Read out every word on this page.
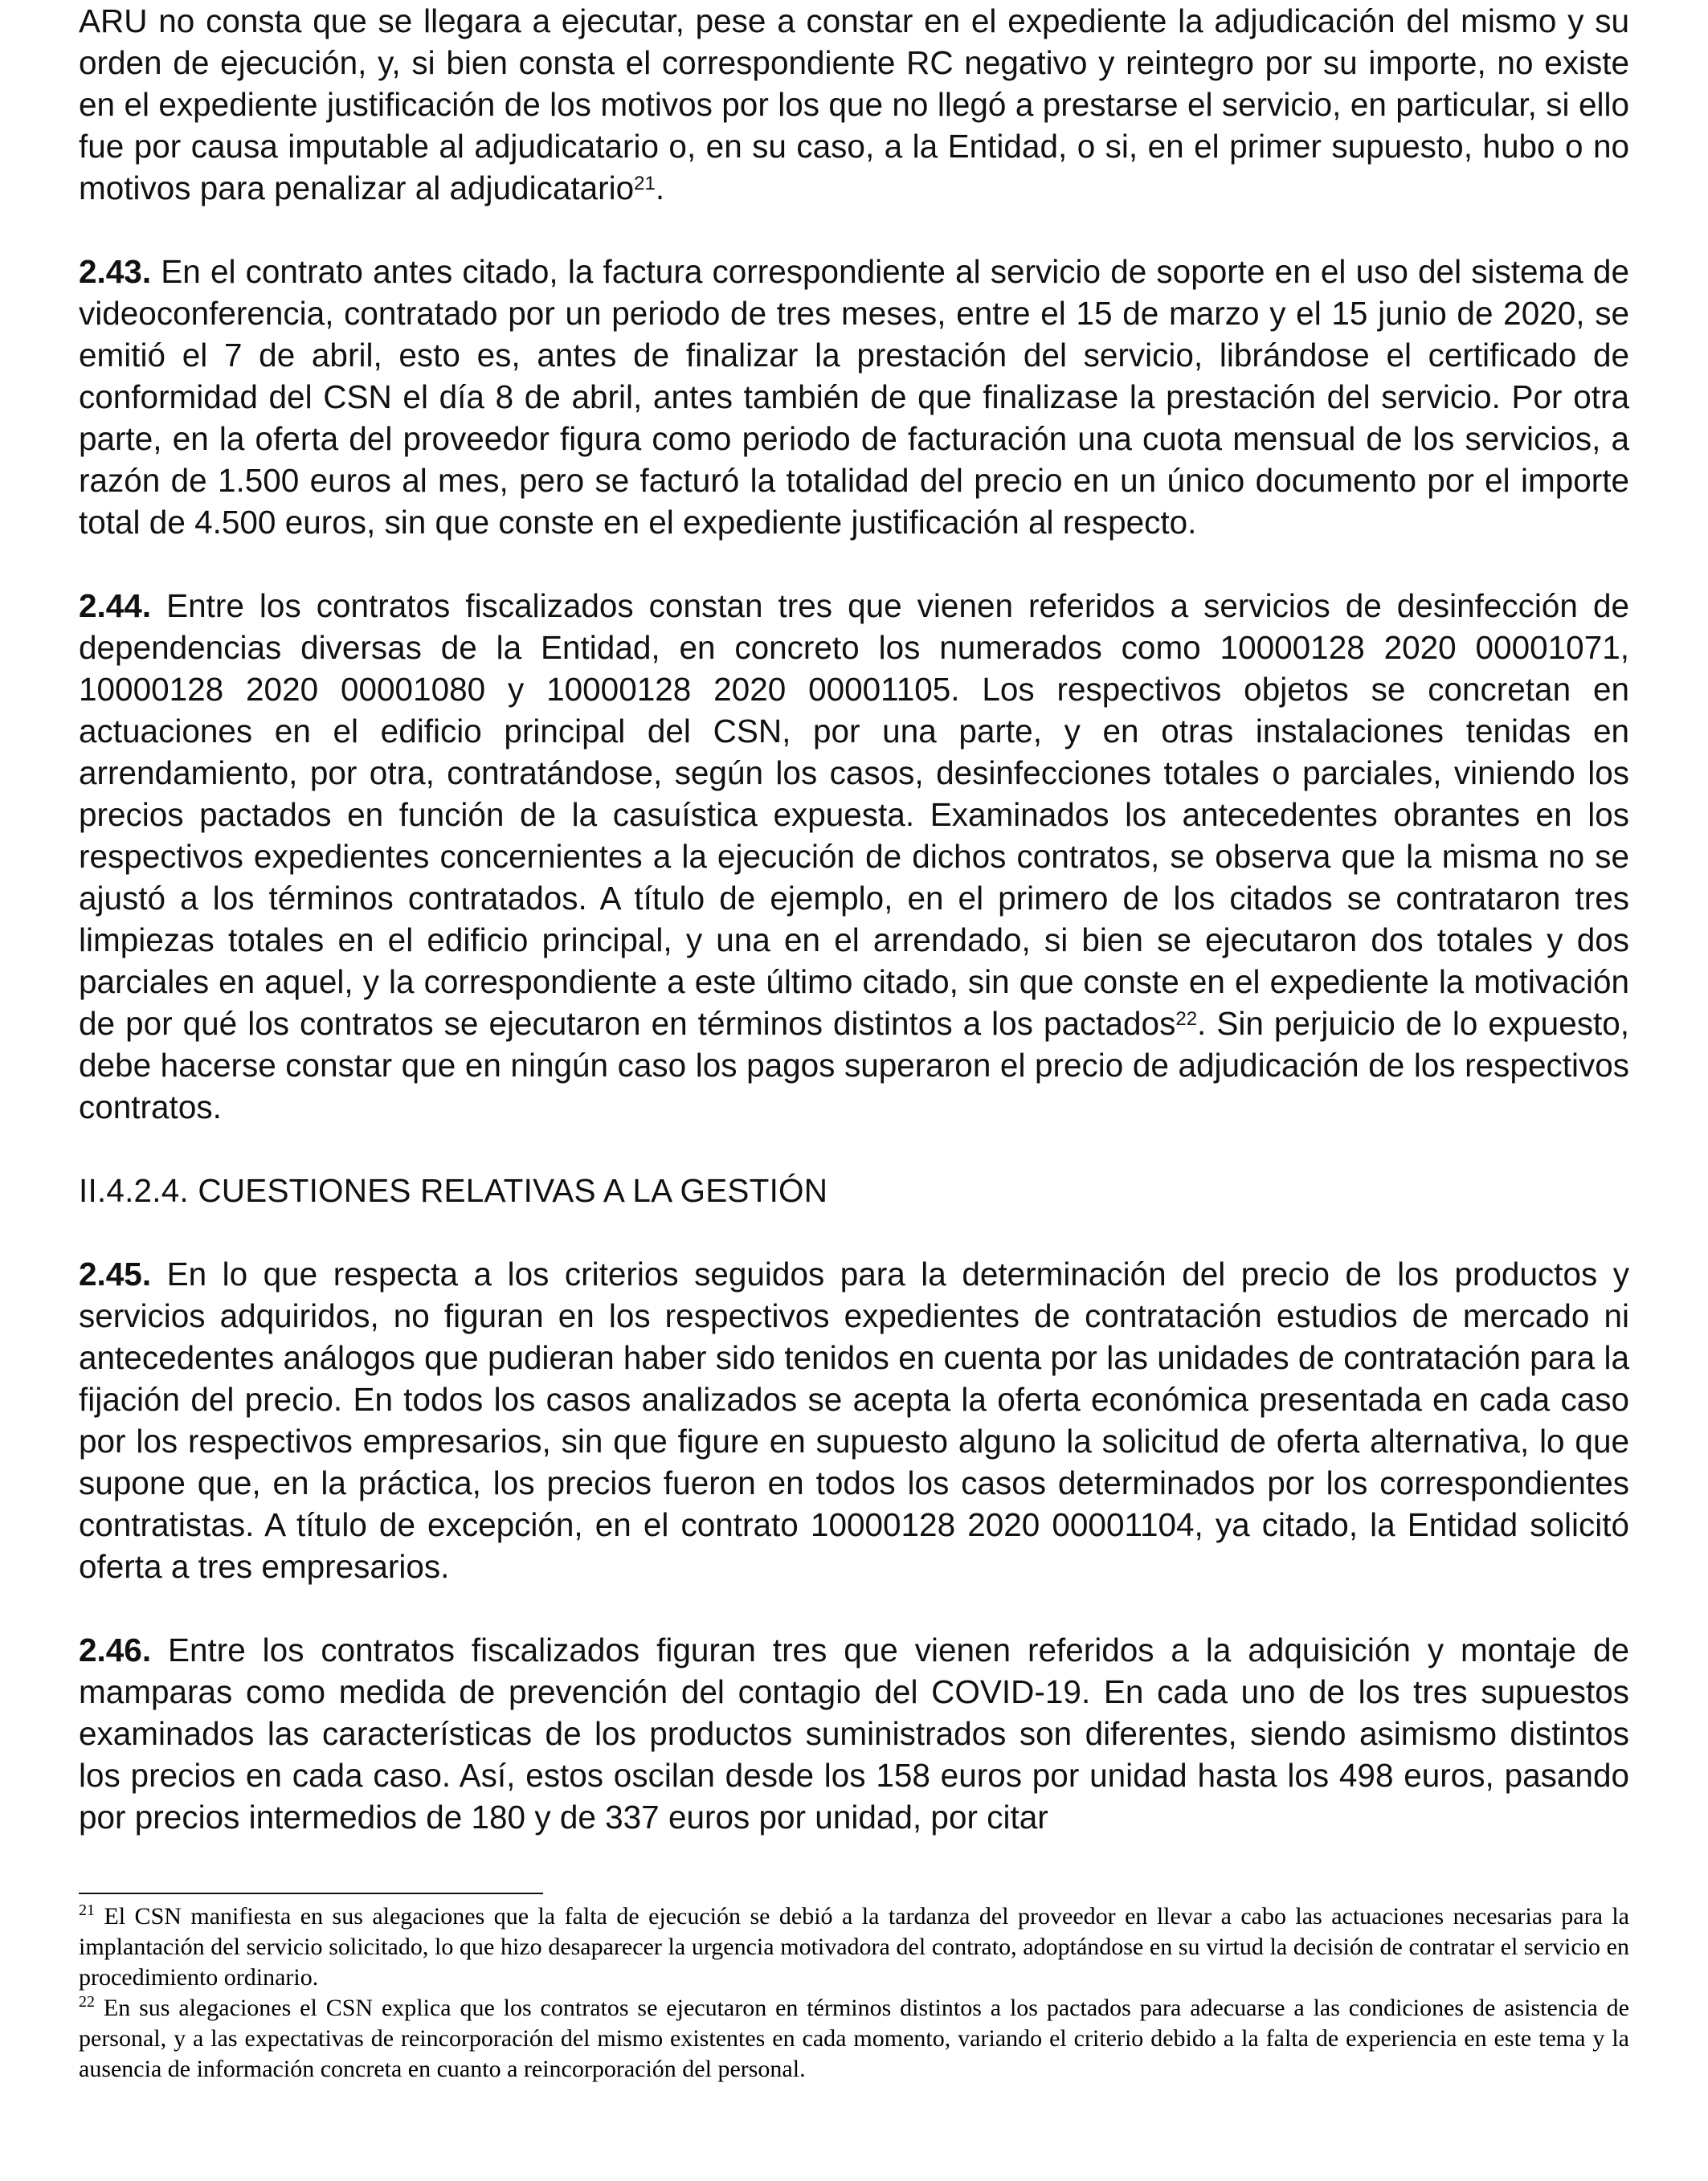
ARU no consta que se llegara a ejecutar, pese a constar en el expediente la adjudicación del mismo y su orden de ejecución, y, si bien consta el correspondiente RC negativo y reintegro por su importe, no existe en el expediente justificación de los motivos por los que no llegó a prestarse el servicio, en particular, si ello fue por causa imputable al adjudicatario o, en su caso, a la Entidad, o si, en el primer supuesto, hubo o no motivos para penalizar al adjudicatario$^{21}$.

2.43. En el contrato antes citado, la factura correspondiente al servicio de soporte en el uso del sistema de videoconferencia, contratado por un periodo de tres meses, entre el 15 de marzo y el 15 junio de 2020, se emitió el 7 de abril, esto es, antes de finalizar la prestación del servicio, librándose el certificado de conformidad del CSN el día 8 de abril, antes también de que finalizase la prestación del servicio. Por otra parte, en la oferta del proveedor figura como periodo de facturación una cuota mensual de los servicios, a razón de 1.500 euros al mes, pero se facturó la totalidad del precio en un único documento por el importe total de 4.500 euros, sin que conste en el expediente justificación al respecto.

2.44. Entre los contratos fiscalizados constan tres que vienen referidos a servicios de desinfección de dependencias diversas de la Entidad, en concreto los numerados como 10000128 2020 00001071, 10000128 2020 00001080 y 10000128 2020 00001105. Los respectivos objetos se concretan en actuaciones en el edificio principal del CSN, por una parte, y en otras instalaciones tenidas en arrendamiento, por otra, contratándose, según los casos, desinfecciones totales o parciales, viniendo los precios pactados en función de la casuística expuesta. Examinados los antecedentes obrantes en los respectivos expedientes concernientes a la ejecución de dichos contratos, se observa que la misma no se ajustó a los términos contratados. A título de ejemplo, en el primero de los citados se contrataron tres limpiezas totales en el edificio principal, y una en el arrendado, si bien se ejecutaron dos totales y dos parciales en aquel, y la correspondiente a este último citado, sin que conste en el expediente la motivación de por qué los contratos se ejecutaron en términos distintos a los pactados$^{22}$. Sin perjuicio de lo expuesto, debe hacerse constar que en ningún caso los pagos superaron el precio de adjudicación de los respectivos contratos.

II.4.2.4. CUESTIONES RELATIVAS A LA GESTIÓN

2.45. En lo que respecta a los criterios seguidos para la determinación del precio de los productos y servicios adquiridos, no figuran en los respectivos expedientes de contratación estudios de mercado ni antecedentes análogos que pudieran haber sido tenidos en cuenta por las unidades de contratación para la fijación del precio. En todos los casos analizados se acepta la oferta económica presentada en cada caso por los respectivos empresarios, sin que figure en supuesto alguno la solicitud de oferta alternativa, lo que supone que, en la práctica, los precios fueron en todos los casos determinados por los correspondientes contratistas. A título de excepción, en el contrato 10000128 2020 00001104, ya citado, la Entidad solicitó oferta a tres empresarios.

2.46. Entre los contratos fiscalizados figuran tres que vienen referidos a la adquisición y montaje de mamparas como medida de prevención del contagio del COVID-19. En cada uno de los tres supuestos examinados las características de los productos suministrados son diferentes, siendo asimismo distintos los precios en cada caso. Así, estos oscilan desde los 158 euros por unidad hasta los 498 euros, pasando por precios intermedios de 180 y de 337 euros por unidad, por citar

$^{21}$ El CSN manifiesta en sus alegaciones que la falta de ejecución se debió a la tardanza del proveedor en llevar a cabo las actuaciones necesarias para la implantación del servicio solicitado, lo que hizo desaparecer la urgencia motivadora del contrato, adoptándose en su virtud la decisión de contratar el servicio en procedimiento ordinario.

$^{22}$ En sus alegaciones el CSN explica que los contratos se ejecutaron en términos distintos a los pactados para adecuarse a las condiciones de asistencia de personal, y a las expectativas de reincorporación del mismo existentes en cada momento, variando el criterio debido a la falta de experiencia en este tema y la ausencia de información concreta en cuanto a reincorporación del personal.
